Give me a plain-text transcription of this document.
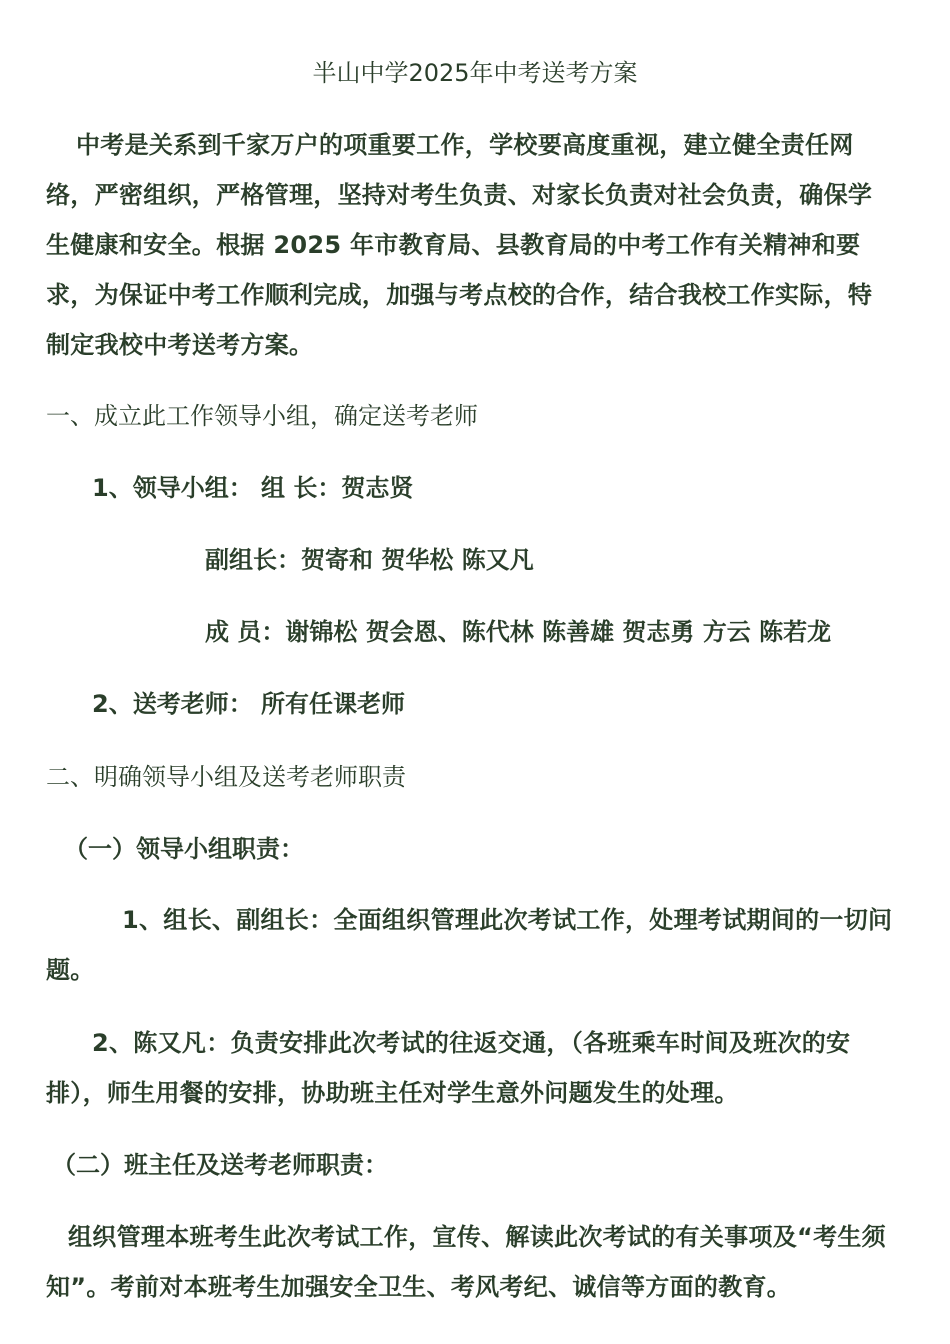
半山中学2025年中考送考方案

中考是关系到千家万户的项重要工作，学校要高度重视，建立健全责任网络，严密组织，严格管理，坚持对考生负责、对家长负责对社会负责，确保学生健康和安全。根据 2025 年市教育局、县教育局的中考工作有关精神和要求，为保证中考工作顺利完成，加强与考点校的合作，结合我校工作实际，特制定我校中考送考方案。

一、成立此工作领导小组，确定送考老师

1、领导小组： 组 长：贺志贤

副组长：贺寄和 贺华松 陈又凡

成 员：谢锦松 贺会恩、陈代林 陈善雄 贺志勇 方云 陈若龙

2、送考老师： 所有任课老师

二、明确领导小组及送考老师职责

（一）领导小组职责：

1、组长、副组长：全面组织管理此次考试工作，处理考试期间的一切问题。

2、陈又凡：负责安排此次考试的往返交通，（各班乘车时间及班次的安排），师生用餐的安排，协助班主任对学生意外问题发生的处理。

（二）班主任及送考老师职责：

组织管理本班考生此次考试工作，宣传、解读此次考试的有关事项及“考生须知”。考前对本班考生加强安全卫生、考风考纪、诚信等方面的教育。
